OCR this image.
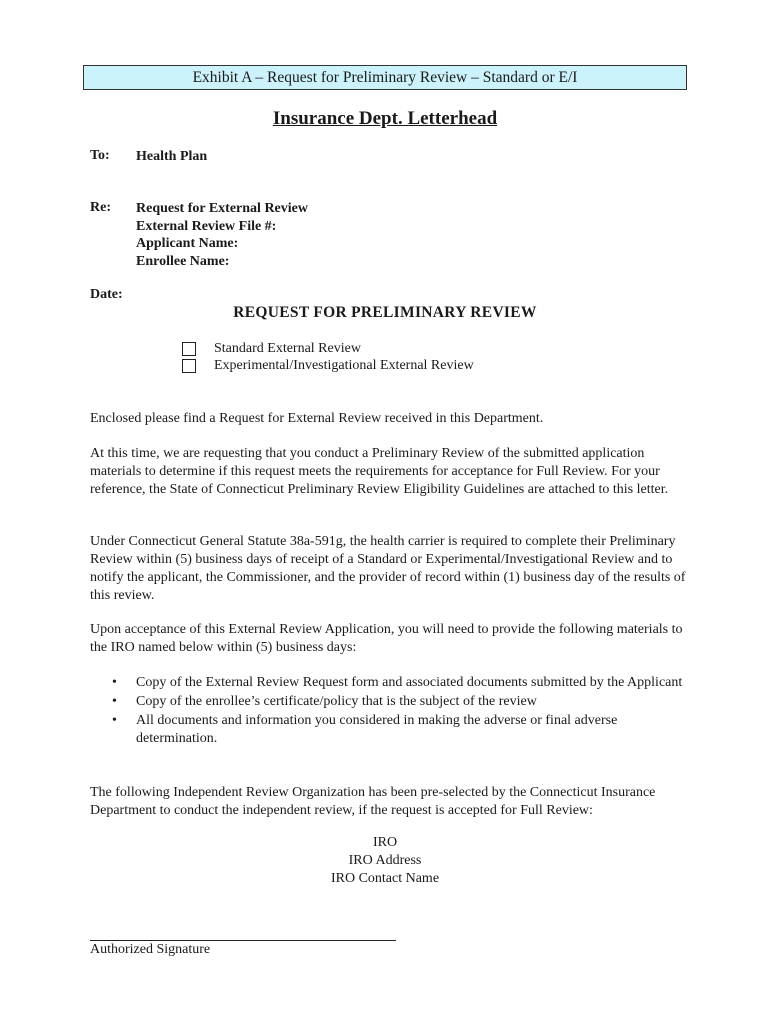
Exhibit A – Request for Preliminary Review – Standard or E/I
Insurance Dept. Letterhead
To: Health Plan
Re: Request for External Review
External Review File #:
Applicant Name:
Enrollee Name:
Date:
REQUEST FOR PRELIMINARY REVIEW
Standard External Review
Experimental/Investigational External Review
Enclosed please find a Request for External Review received in this Department.
At this time, we are requesting that you conduct a Preliminary Review of the submitted application materials to determine if this request meets the requirements for acceptance for Full Review. For your reference, the State of Connecticut Preliminary Review Eligibility Guidelines are attached to this letter.
Under Connecticut General Statute 38a-591g, the health carrier is required to complete their Preliminary Review within (5) business days of receipt of a Standard or Experimental/Investigational Review and to notify the applicant, the Commissioner, and the provider of record within (1) business day of the results of this review.
Upon acceptance of this External Review Application, you will need to provide the following materials to the IRO named below within (5) business days:
• Copy of the External Review Request form and associated documents submitted by the Applicant
• Copy of the enrollee’s certificate/policy that is the subject of the review
• All documents and information you considered in making the adverse or final adverse determination.
The following Independent Review Organization has been pre-selected by the Connecticut Insurance Department to conduct the independent review, if the request is accepted for Full Review:
IRO
IRO Address
IRO Contact Name
Authorized Signature
